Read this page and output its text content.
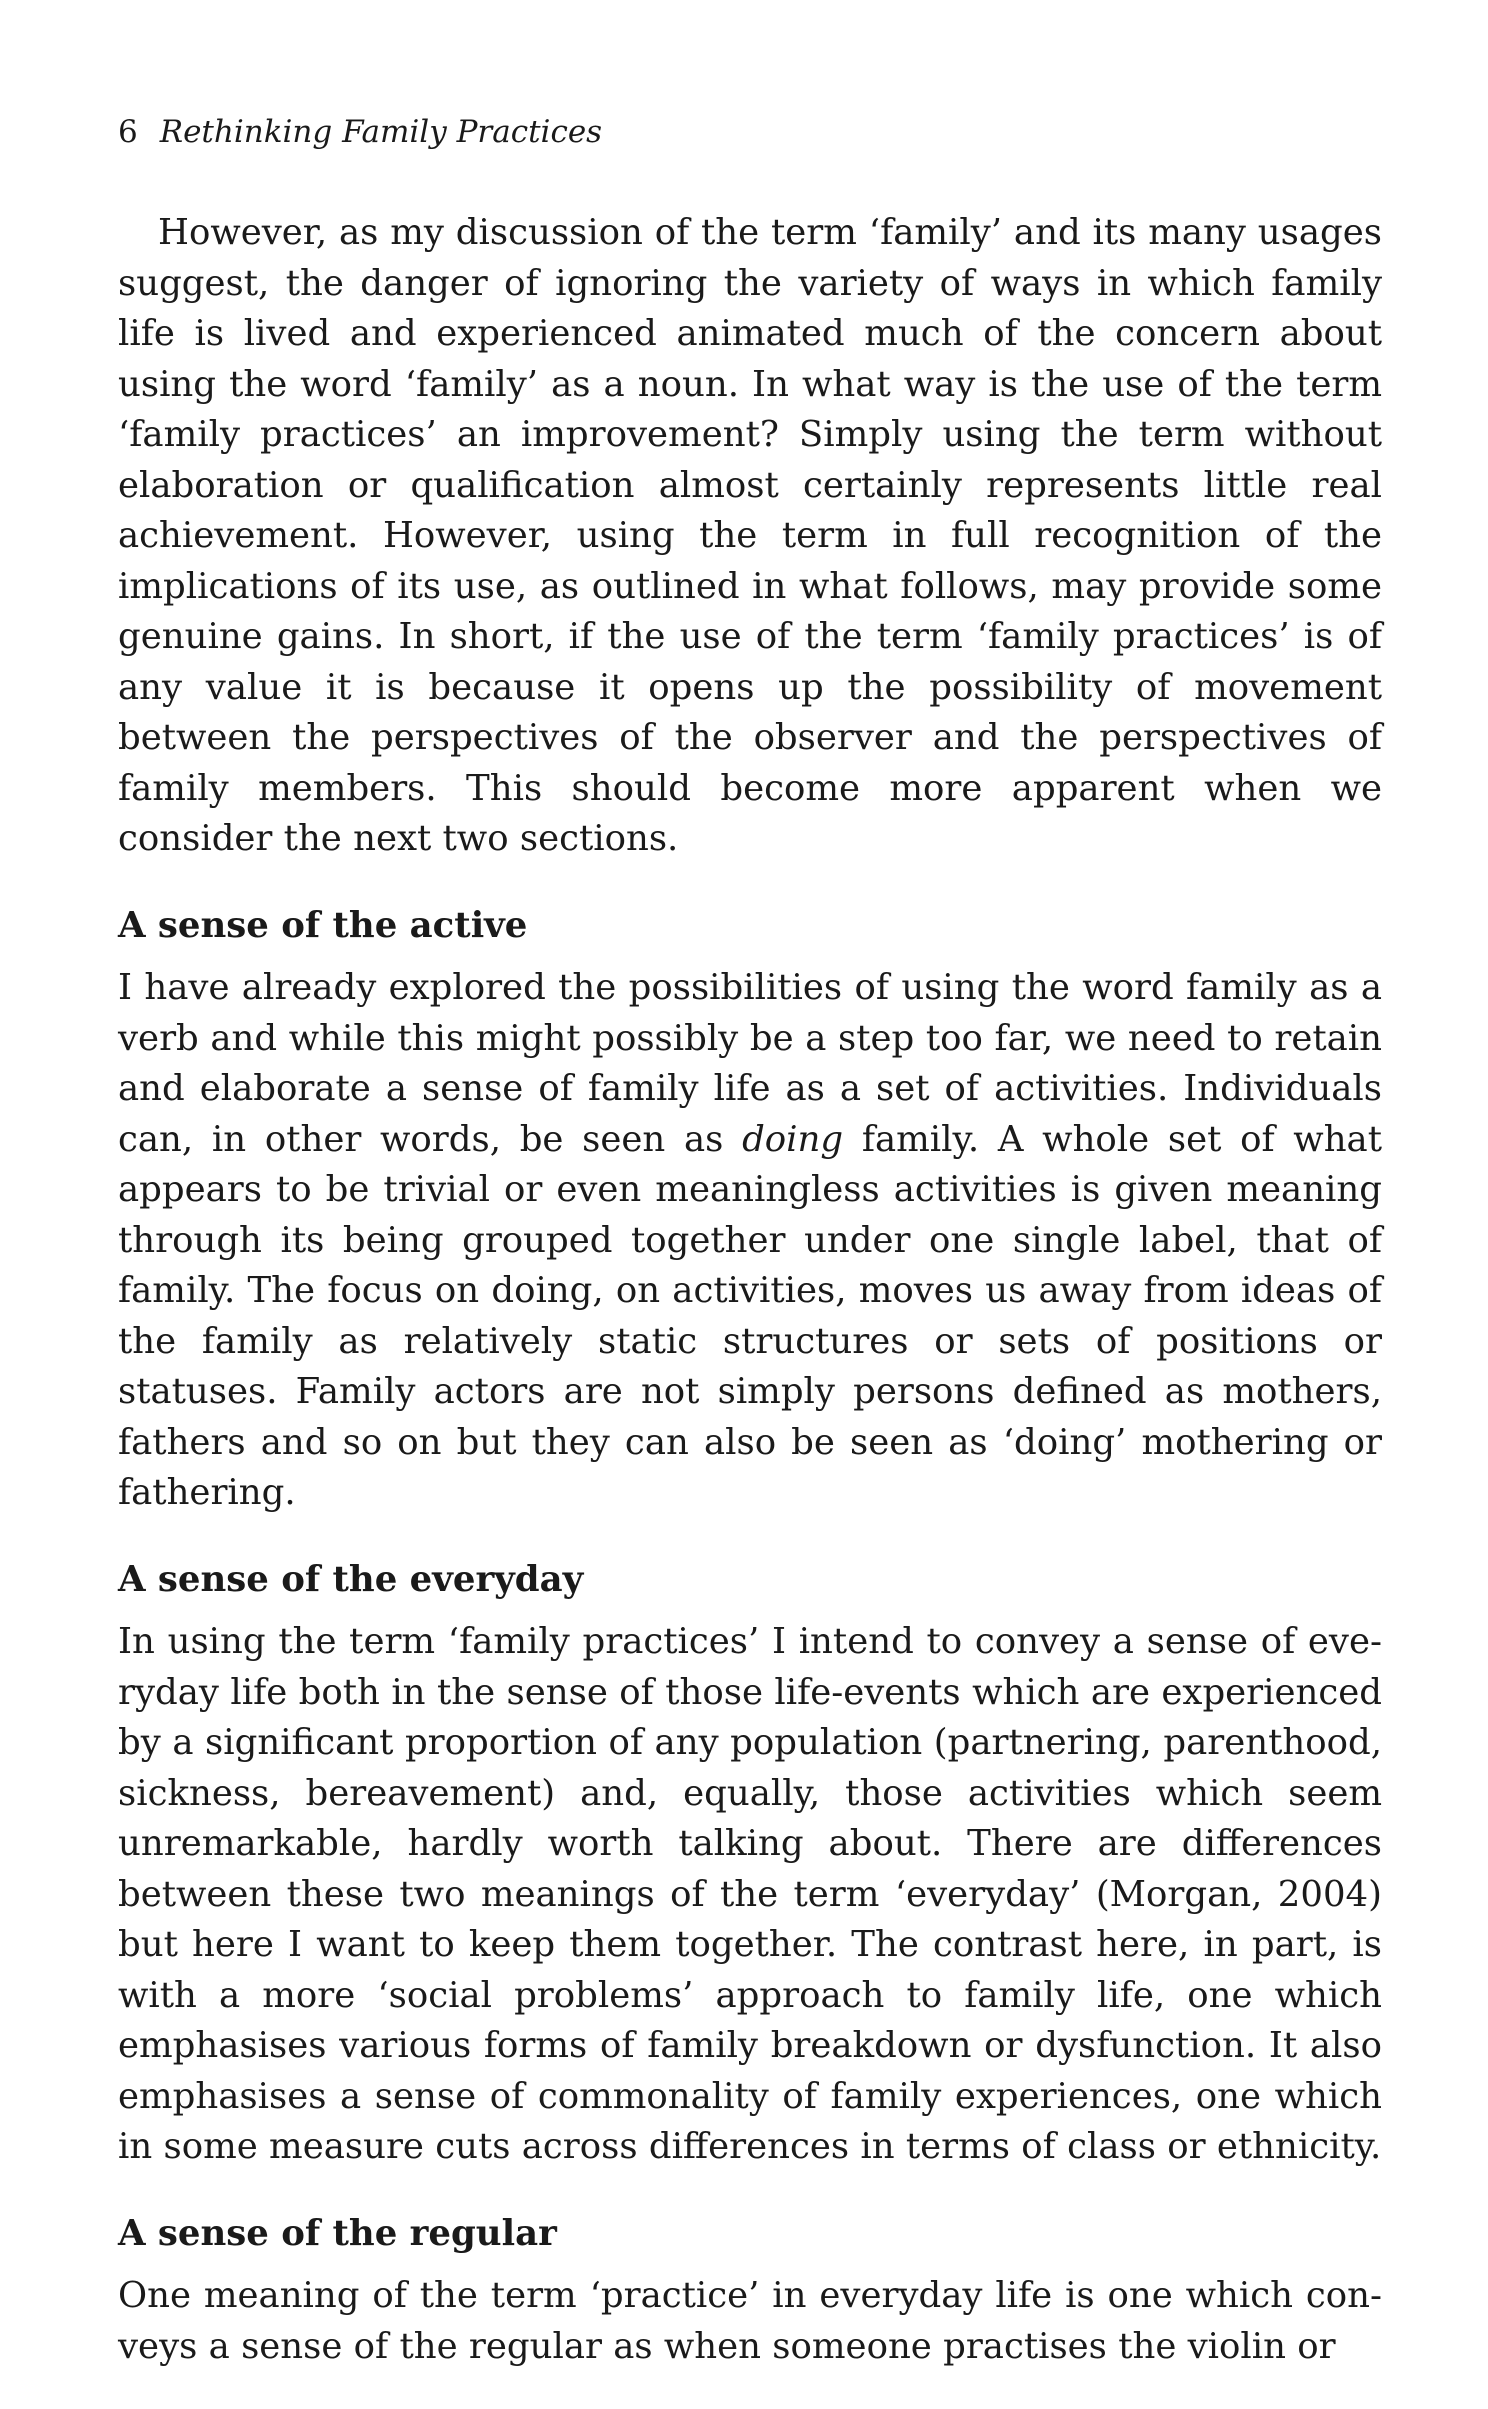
6 Rethinking Family Practices

However, as my discussion of the term ‘family’ and its many usages suggest, the danger of ignoring the variety of ways in which family life is lived and experienced animated much of the concern about using the word ‘family’ as a noun. In what way is the use of the term ‘family practices’ an improvement? Simply using the term without elaboration or qualification almost certainly represents little real achievement. However, using the term in full recognition of the implications of its use, as outlined in what follows, may provide some genuine gains. In short, if the use of the term ‘family practices’ is of any value it is because it opens up the possibility of movement between the perspectives of the observer and the perspectives of family members. This should become more apparent when we consider the next two sections.

A sense of the active

I have already explored the possibilities of using the word family as a verb and while this might possibly be a step too far, we need to retain and elaborate a sense of family life as a set of activities. Individuals can, in other words, be seen as doing family. A whole set of what appears to be trivial or even meaningless activities is given meaning through its being grouped together under one single label, that of family. The focus on doing, on activities, moves us away from ideas of the family as relatively static structures or sets of positions or statuses. Family actors are not simply persons defined as mothers, fathers and so on but they can also be seen as ‘doing’ mothering or fathering.

A sense of the everyday

In using the term ‘family practices’ I intend to convey a sense of everyday life both in the sense of those life-events which are experienced by a significant proportion of any population (partnering, parenthood, sickness, bereavement) and, equally, those activities which seem unremarkable, hardly worth talking about. There are differences between these two meanings of the term ‘everyday’ (Morgan, 2004) but here I want to keep them together. The contrast here, in part, is with a more ‘social problems’ approach to family life, one which emphasises various forms of family breakdown or dysfunction. It also emphasises a sense of commonality of family experiences, one which in some measure cuts across differences in terms of class or ethnicity.

A sense of the regular

One meaning of the term ‘practice’ in everyday life is one which conveys a sense of the regular as when someone practises the violin or
